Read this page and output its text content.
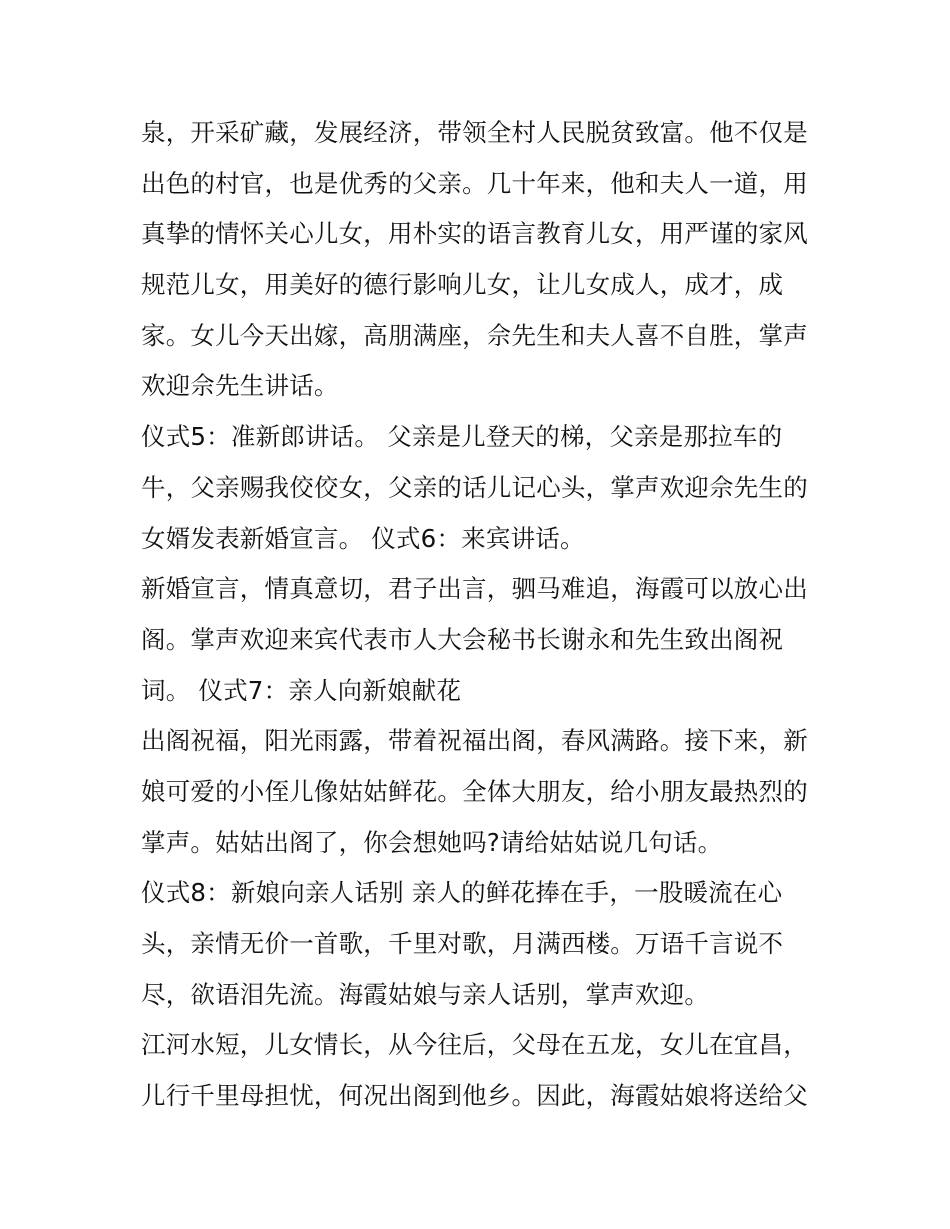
泉，开采矿藏，发展经济，带领全村人民脱贫致富。他不仅是
出色的村官，也是优秀的父亲。几十年来，他和夫人一道，用
真挚的情怀关心儿女，用朴实的语言教育儿女，用严谨的家风
规范儿女，用美好的德行影响儿女，让儿女成人，成才，成
家。女儿今天出嫁，高朋满座，佘先生和夫人喜不自胜，掌声
欢迎佘先生讲话。
仪式5：准新郎讲话。 父亲是儿登天的梯，父亲是那拉车的
牛，父亲赐我佼佼女，父亲的话儿记心头，掌声欢迎佘先生的
女婿发表新婚宣言。 仪式6：来宾讲话。
新婚宣言，情真意切，君子出言，驷马难追，海霞可以放心出
阁。掌声欢迎来宾代表市人大会秘书长谢永和先生致出阁祝
词。 仪式7：亲人向新娘献花
出阁祝福，阳光雨露，带着祝福出阁，春风满路。接下来，新
娘可爱的小侄儿像姑姑鲜花。全体大朋友，给小朋友最热烈的
掌声。姑姑出阁了，你会想她吗?请给姑姑说几句话。
仪式8：新娘向亲人话别 亲人的鲜花捧在手，一股暖流在心
头，亲情无价一首歌，千里对歌，月满西楼。万语千言说不
尽，欲语泪先流。海霞姑娘与亲人话别，掌声欢迎。
江河水短，儿女情长，从今往后，父母在五龙，女儿在宜昌，
儿行千里母担忧，何况出阁到他乡。因此，海霞姑娘将送给父
